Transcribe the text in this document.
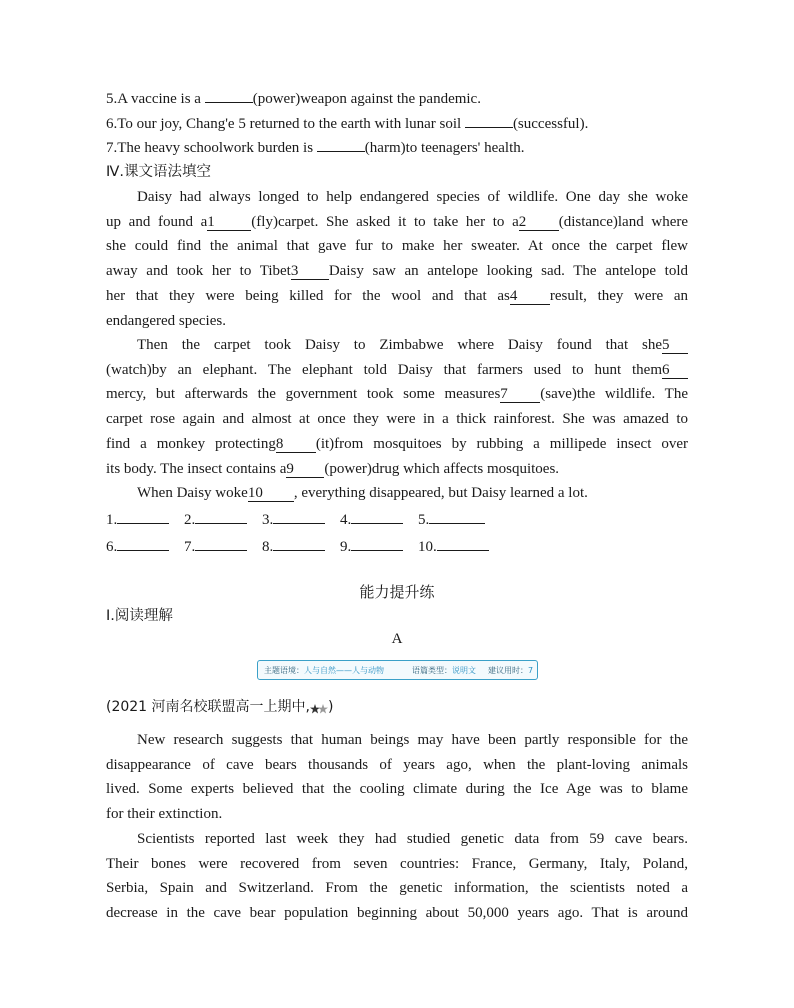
5.A vaccine is a	(power)weapon against the pandemic.
6.To our joy, Chang'e 5 returned to the earth with lunar soil	(successful).
7.The heavy schoolwork burden is	(harm)to teenagers' health.
Ⅳ.课文语法填空
Daisy had always longed to help endangered species of wildlife. One day she woke
up and found a1 (fly)carpet. She asked it to take her to a2 (distance)land where
she could find the animal that gave fur to make her sweater. At once the carpet flew
away and took her to Tibet3 Daisy saw an antelope looking sad. The antelope told
her that they were being killed for the wool and that as4 result, they were an
endangered species.
Then the carpet took Daisy to Zimbabwe where Daisy found that she5
(watch)by an elephant. The elephant told Daisy that farmers used to hunt them6
mercy, but afterwards the government took some measures7 (save)the wildlife. The
carpet rose again and almost at once they were in a thick rainforest. She was amazed to
find a monkey protecting8 (it)from mosquitoes by rubbing a millipede insect over
its body. The insect contains a9 (power)drug which affects mosquitoes.
When Daisy woke10 , everything disappeared, but Daisy learned a lot.
1.	2.	3.	4.	5.
6.	7.	8.	9.	10.
能力提升练
Ⅰ.阅读理解
A
主题语境： 人与自然——人与动物	语篇类型： 说明文 建议用时： 7
(2021 河南名校联盟高一上期中, )
New research suggests that human beings may have been partly responsible for the
disappearance of cave bears thousands of years ago, when the plant-loving animals
lived. Some experts believed that the cooling climate during the Ice Age was to blame
for their extinction.
Scientists reported last week they had studied genetic data from 59 cave bears.
Their bones were recovered from seven countries: France, Germany, Italy, Poland,
Serbia, Spain and Switzerland. From the genetic information, the scientists noted a
decrease in the cave bear population beginning about 50,000 years ago. That is around
